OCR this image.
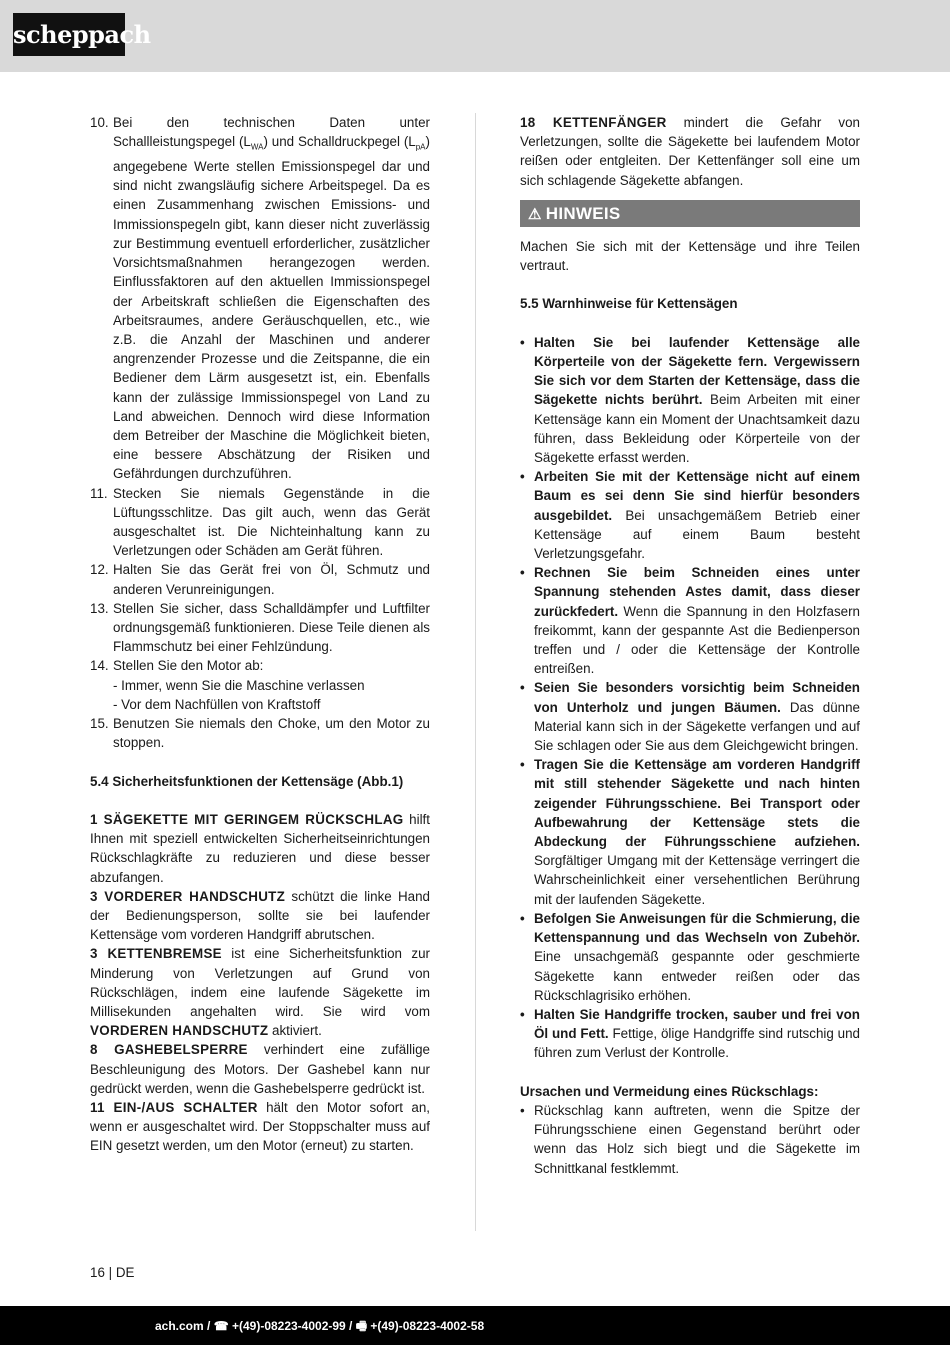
scheppach

10. Bei den technischen Daten unter Schallleistungspegel $(L_{WA})$ und Schalldruckpegel $(L_{pA})$ angegebene Werte stellen Emissionspegel dar und sind nicht zwangsläufig sichere Arbeitspegel. Da es einen Zusammenhang zwischen Emissions- und Immissionspegeln gibt, kann dieser nicht zuverlässig zur Bestimmung eventuell erforderlicher, zusätzlicher Vorsichtsmaßnahmen herangezogen werden. Einflussfaktoren auf den aktuellen Immissionspegel der Arbeitskraft schließen die Eigenschaften des Arbeitsraumes, andere Geräuschquellen, etc., wie z.B. die Anzahl der Maschinen und anderer angrenzender Prozesse und die Zeitspanne, die ein Bediener dem Lärm ausgesetzt ist, ein. Ebenfalls kann der zulässige Immissionspegel von Land zu Land abweichen. Dennoch wird diese Information dem Betreiber der Maschine die Möglichkeit bieten, eine bessere Abschätzung der Risiken und Gefährdungen durchzuführen.

11. Stecken Sie niemals Gegenstände in die Lüftungsschlitze. Das gilt auch, wenn das Gerät ausgeschaltet ist. Die Nichteinhaltung kann zu Verletzungen oder Schäden am Gerät führen.

12. Halten Sie das Gerät frei von Öl, Schmutz und anderen Verunreinigungen.

13. Stellen Sie sicher, dass Schalldämpfer und Luftfilter ordnungsgemäß funktionieren. Diese Teile dienen als Flammschutz bei einer Fehlzündung.

14. Stellen Sie den Motor ab:
- Immer, wenn Sie die Maschine verlassen
- Vor dem Nachfüllen von Kraftstoff

15. Benutzen Sie niemals den Choke, um den Motor zu stoppen.

5.4 Sicherheitsfunktionen der Kettensäge (Abb.1)

1 SÄGEKETTE MIT GERINGEM RÜCKSCHLAG hilft Ihnen mit speziell entwickelten Sicherheitseinrichtungen Rückschlagkräfte zu reduzieren und diese besser abzufangen.

3 VORDERER HANDSCHUTZ schützt die linke Hand der Bedienungsperson, sollte sie bei laufender Kettensäge vom vorderen Handgriff abrutschen.

3 KETTENBREMSE ist eine Sicherheitsfunktion zur Minderung von Verletzungen auf Grund von Rückschlägen, indem eine laufende Sägekette im Millisekunden angehalten wird. Sie wird vom VORDEREN HANDSCHUTZ aktiviert.

8 GASHEBELSPERRE verhindert eine zufällige Beschleunigung des Motors. Der Gashebel kann nur gedrückt werden, wenn die Gashebelsperre gedrückt ist.

11 EIN-/AUS SCHALTER hält den Motor sofort an, wenn er ausgeschaltet wird. Der Stoppschalter muss auf EIN gesetzt werden, um den Motor (erneut) zu starten.

18 KETTENFÄNGER mindert die Gefahr von Verletzungen, sollte die Sägekette bei laufendem Motor reißen oder entgleiten. Der Kettenfänger soll eine um sich schlagende Sägekette abfangen.

⚠ HINWEIS

Machen Sie sich mit der Kettensäge und ihre Teilen vertraut.

5.5 Warnhinweise für Kettensägen

• Halten Sie bei laufender Kettensäge alle Körperteile von der Sägekette fern. Vergewissern Sie sich vor dem Starten der Kettensäge, dass die Sägekette nichts berührt. Beim Arbeiten mit einer Kettensäge kann ein Moment der Unachtsamkeit dazu führen, dass Bekleidung oder Körperteile von der Sägekette erfasst werden.

• Arbeiten Sie mit der Kettensäge nicht auf einem Baum es sei denn Sie sind hierfür besonders ausgebildet. Bei unsachgemäßem Betrieb einer Kettensäge auf einem Baum besteht Verletzungsgefahr.

• Rechnen Sie beim Schneiden eines unter Spannung stehenden Astes damit, dass dieser zurückfedert. Wenn die Spannung in den Holzfasern freikommt, kann der gespannte Ast die Bedienperson treffen und / oder die Kettensäge der Kontrolle entreißen.

• Seien Sie besonders vorsichtig beim Schneiden von Unterholz und jungen Bäumen. Das dünne Material kann sich in der Sägekette verfangen und auf Sie schlagen oder Sie aus dem Gleichgewicht bringen.

• Tragen Sie die Kettensäge am vorderen Handgriff mit still stehender Sägekette und nach hinten zeigender Führungsschiene. Bei Transport oder Aufbewahrung der Kettensäge stets die Abdeckung der Führungsschiene aufziehen. Sorgfältiger Umgang mit der Kettensäge verringert die Wahrscheinlichkeit einer versehentlichen Berührung mit der laufenden Sägekette.

• Befolgen Sie Anweisungen für die Schmierung, die Kettenspannung und das Wechseln von Zubehör. Eine unsachgemäß gespannte oder geschmierte Sägekette kann entweder reißen oder das Rückschlagrisiko erhöhen.

• Halten Sie Handgriffe trocken, sauber und frei von Öl und Fett. Fettige, ölige Handgriffe sind rutschig und führen zum Verlust der Kontrolle.

Ursachen und Vermeidung eines Rückschlags:

• Rückschlag kann auftreten, wenn die Spitze der Führungsschiene einen Gegenstand berührt oder wenn das Holz sich biegt und die Sägekette im Schnittkanal festklemmt.

16 | DE
ach.com / ☎ +(49)-08223-4002-99 / 🖷 +(49)-08223-4002-58
